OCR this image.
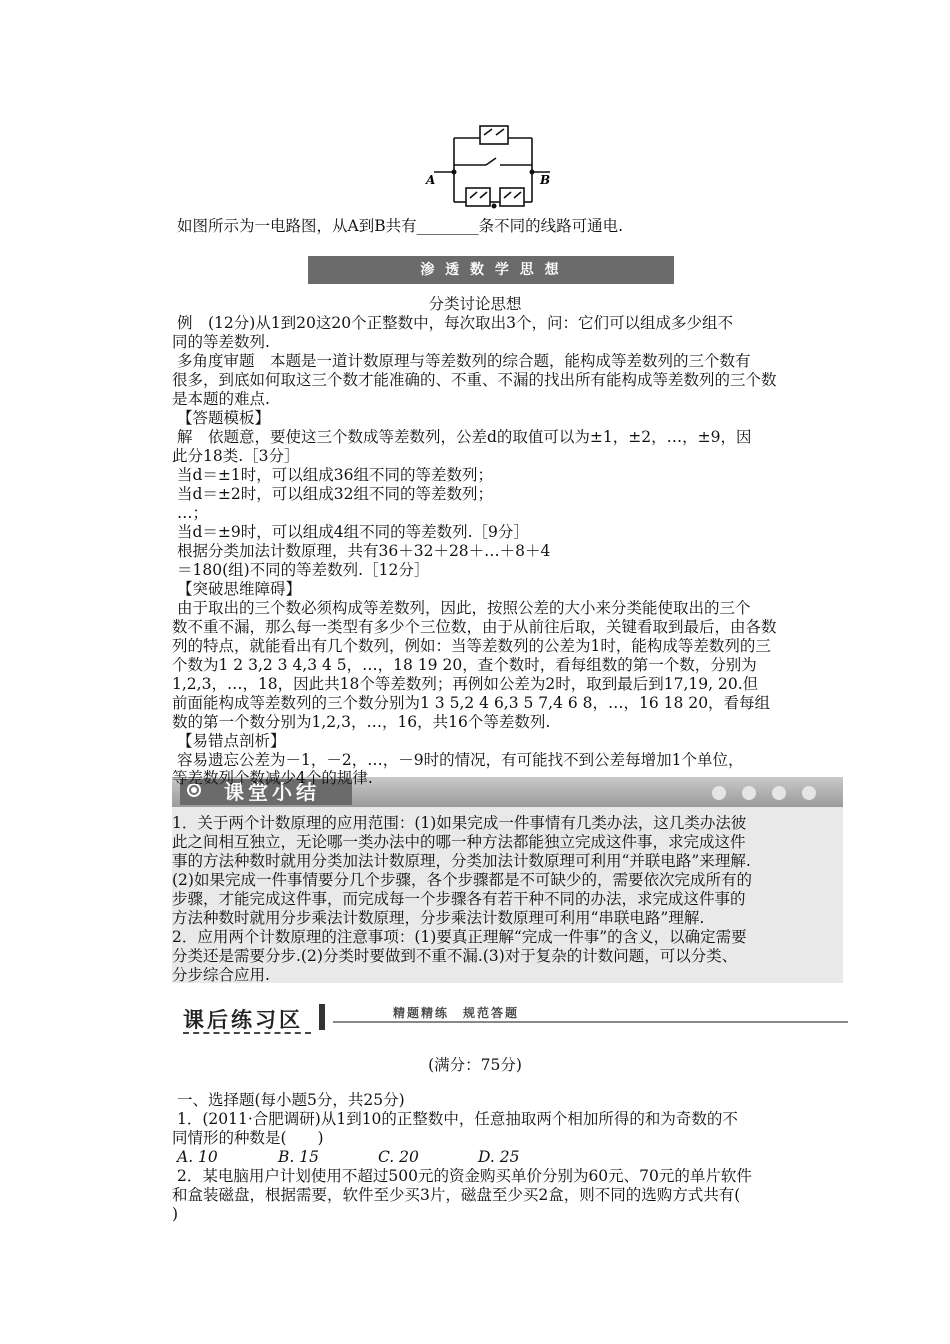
A	B
如图所示为一电路图，从A到B共有________条不同的线路可通电.
渗 透 数 学 思 想
分类讨论思想
例　(12分)从1到20这20个正整数中，每次取出3个，问：它们可以组成多少组不
同的等差数列.
多角度审题　本题是一道计数原理与等差数列的综合题，能构成等差数列的三个数有
很多，到底如何取这三个数才能准确的、不重、不漏的找出所有能构成等差数列的三个数
是本题的难点.
【答题模板】
解　依题意，要使这三个数成等差数列，公差d的取值可以为±1，±2，…，±9，因
此分18类.［3分］
当d＝±1时，可以组成36组不同的等差数列；
当d＝±2时，可以组成32组不同的等差数列；
…；
当d＝±9时，可以组成4组不同的等差数列.［9分］
根据分类加法计数原理，共有36＋32＋28＋…＋8＋4
＝180(组)不同的等差数列.［12分］
【突破思维障碍】
由于取出的三个数必须构成等差数列，因此，按照公差的大小来分类能使取出的三个
数不重不漏，那么每一类型有多少个三位数，由于从前往后取，关键看取到最后，由各数
列的特点，就能看出有几个数列，例如：当等差数列的公差为1时，能构成等差数列的三
个数为1 2 3,2 3 4,3 4 5，…，18 19 20，查个数时，看每组数的第一个数，分别为
1,2,3，…，18，因此共18个等差数列；再例如公差为2时，取到最后到17,19, 20.但
前面能构成等差数列的三个数分别为1 3 5,2 4 6,3 5 7,4 6 8，…，16 18 20，看每组
数的第一个数分别为1,2,3，…，16，共16个等差数列.
【易错点剖析】
容易遗忘公差为－1，－2，…，－9时的情况，有可能找不到公差每增加1个单位，
课堂小结
等差数列个数减少4个的规律.
1．关于两个计数原理的应用范围：(1)如果完成一件事情有几类办法，这几类办法彼
此之间相互独立，无论哪一类办法中的哪一种方法都能独立完成这件事，求完成这件
事的方法种数时就用分类加法计数原理，分类加法计数原理可利用“并联电路”来理解.
(2)如果完成一件事情要分几个步骤，各个步骤都是不可缺少的，需要依次完成所有的
步骤，才能完成这件事，而完成每一个步骤各有若干种不同的办法，求完成这件事的
方法种数时就用分步乘法计数原理，分步乘法计数原理可利用“串联电路”理解.
2．应用两个计数原理的注意事项：(1)要真正理解“完成一件事”的含义，以确定需要
分类还是需要分步.(2)分类时要做到不重不漏.(3)对于复杂的计数问题，可以分类、
分步综合应用.
课后练习区	精题精练　规范答题
(满分：75分)
一、选择题(每小题5分，共25分)
1．(2011·合肥调研)从1到10的正整数中，任意抽取两个相加所得的和为奇数的不
同情形的种数是(　　)
A. 10	B. 15	C. 20	D. 25
2．某电脑用户计划使用不超过500元的资金购买单价分别为60元、70元的单片软件
和盒装磁盘，根据需要，软件至少买3片，磁盘至少买2盒，则不同的选购方式共有(
)
